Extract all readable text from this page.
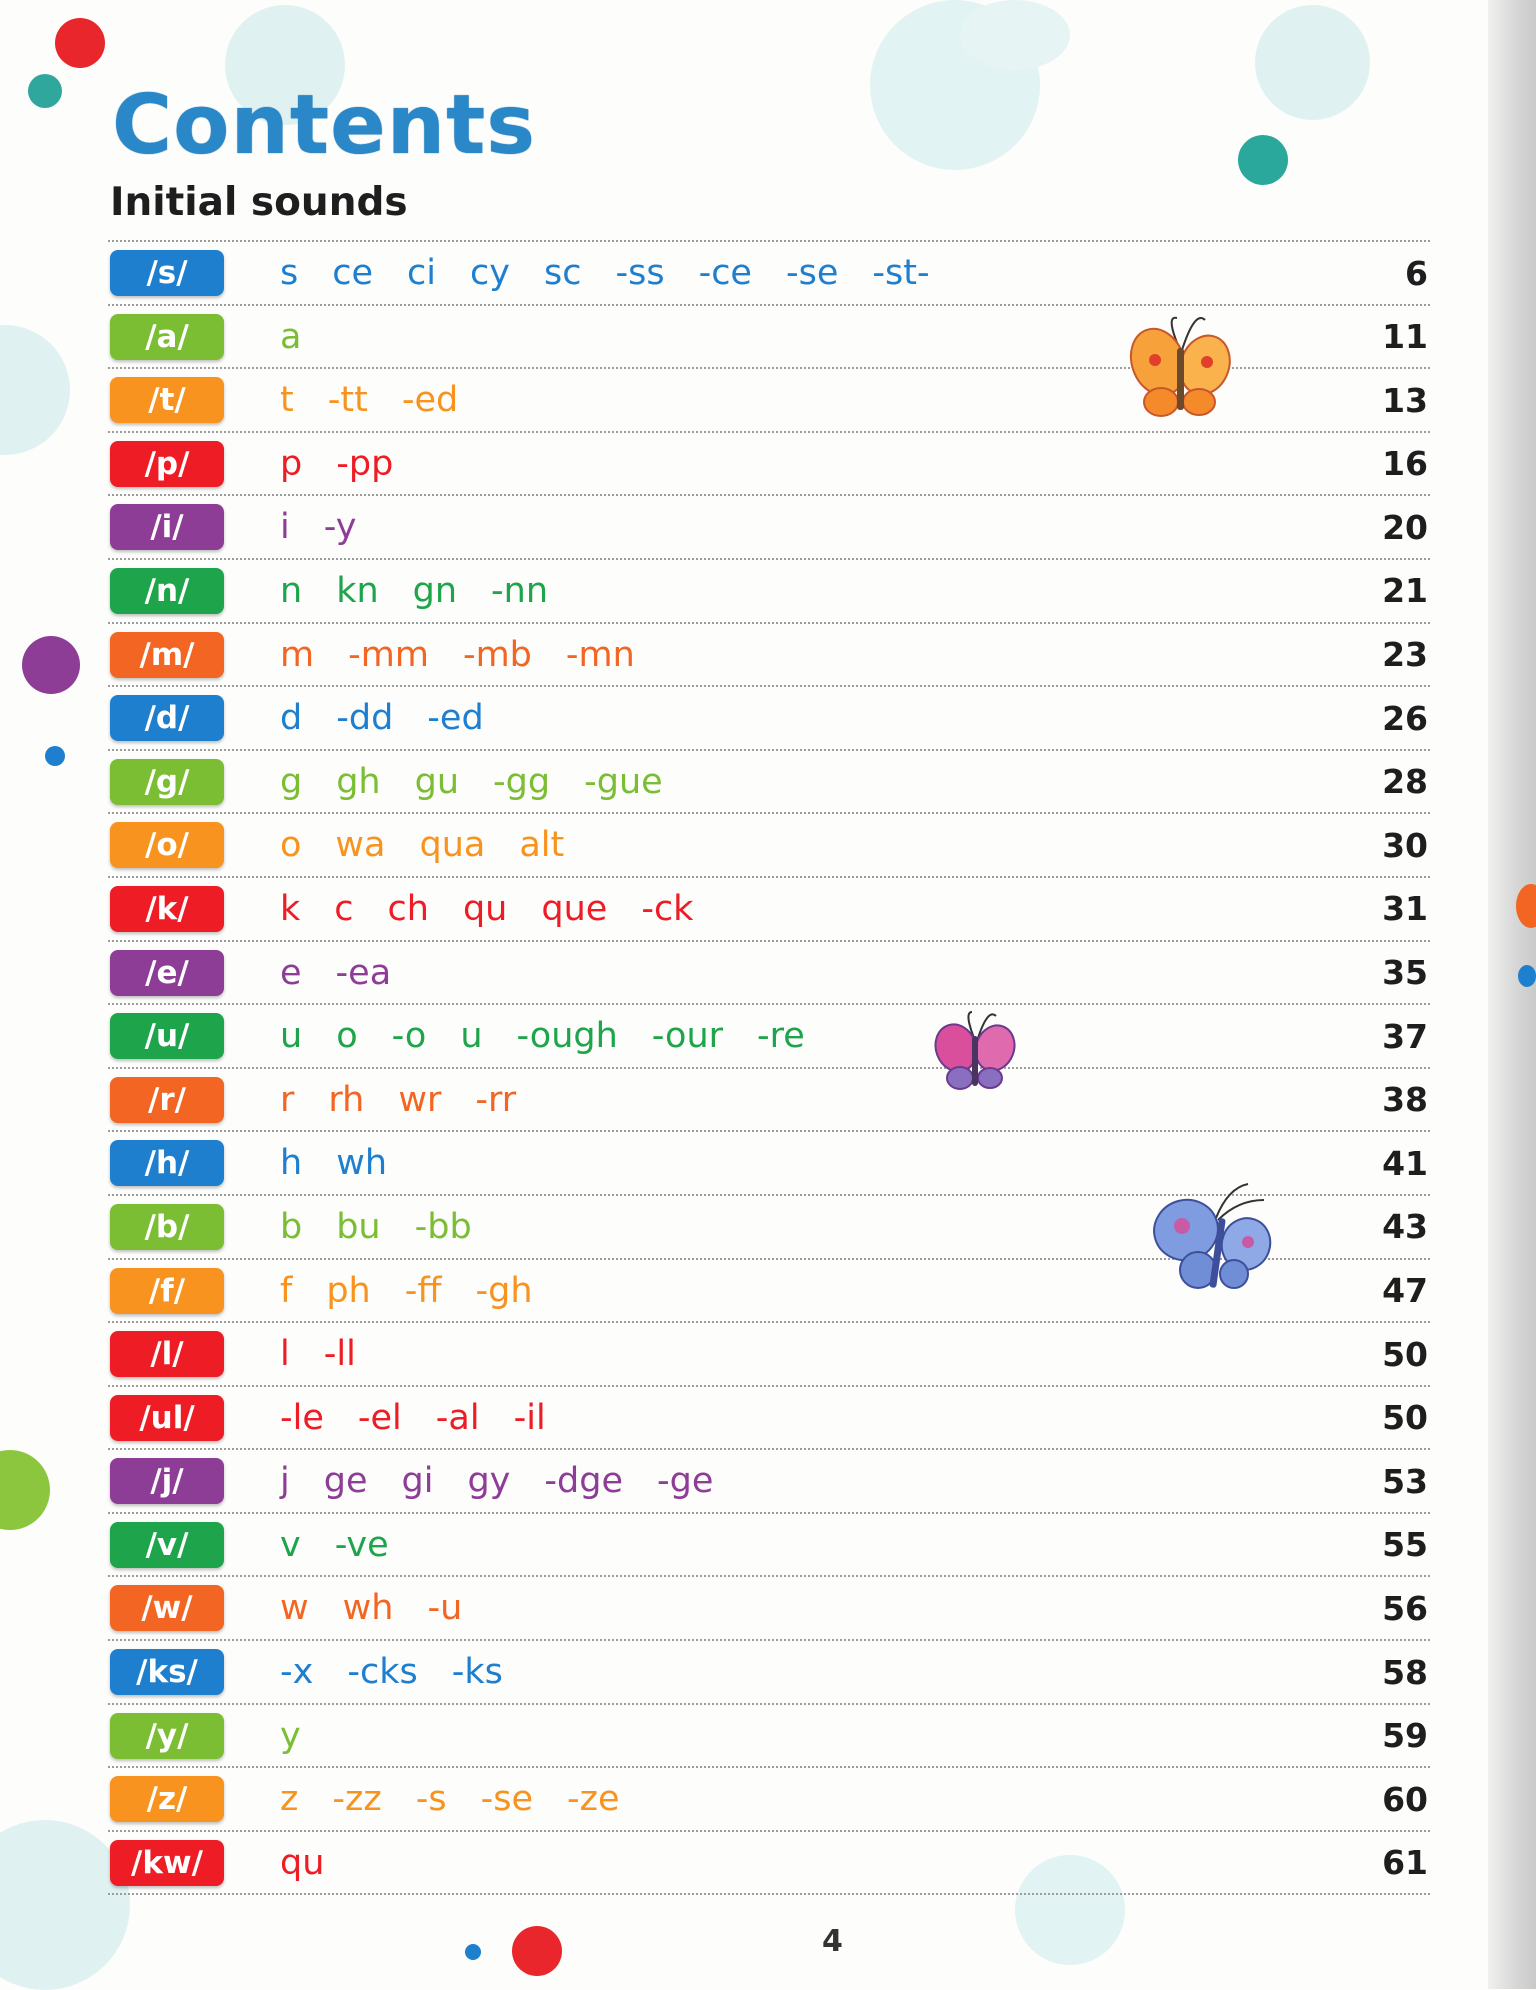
Contents
Initial sounds
/s/	s ce ci cy sc -ss -ce -se -st-	6
/a/	a	11
/t/	t -tt -ed	13
/p/	p -pp	16
/i/	i -y	20
/n/	n kn gn -nn	21
/m/	m -mm -mb -mn	23
/d/	d -dd -ed	26
/g/	g gh gu -gg -gue	28
/o/	o wa qua alt	30
/k/	k c ch qu que -ck	31
/e/	e -ea	35
/u/	u o -o u -ough -our -re	37
/r/	r rh wr -rr	38
/h/	h wh	41
/b/	b bu -bb	43
/f/	f ph -ff -gh	47
/l/	l -ll	50
/ul/	-le -el -al -il	50
/j/	j ge gi gy -dge -ge	53
/v/	v -ve	55
/w/	w wh -u	56
/ks/	-x -cks -ks	58
/y/	y	59
/z/	z -zz -s -se -ze	60
/kw/	qu	61
4
